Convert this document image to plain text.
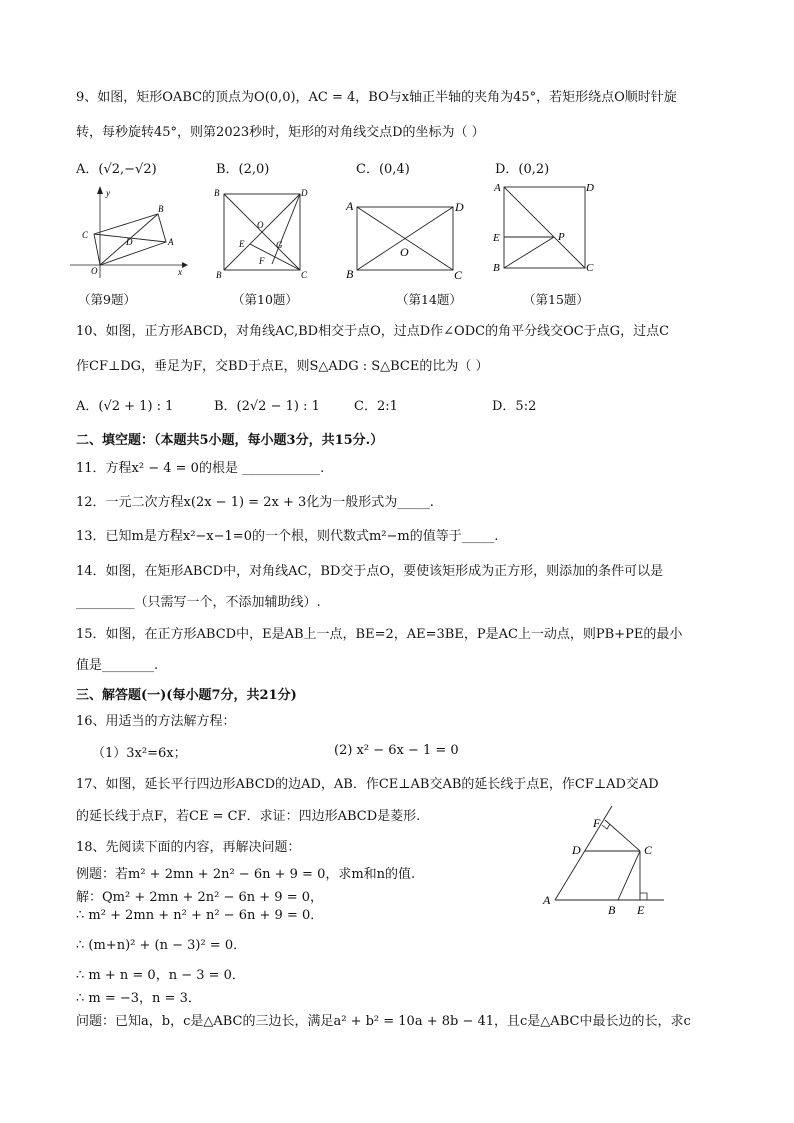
9、如图，矩形OABC的顶点为O(0,0)，AC = 4，BO与x轴正半轴的夹角为45°，若矩形绕点O顺时针旋
转，每秒旋转45°，则第2023秒时，矩形的对角线交点D的坐标为（ ）
A．(√2,−√2)	B．(2,0)	C．(0,4)	D．(0,2)
y
B
C
D	A
O	x
B	D
O
E	G
F
B	C
A	D
O
B	C
A	D
E	P
B	C
（第9题）	（第10题）	（第14题）	（第15题）
10、如图，正方形ABCD，对角线AC,BD相交于点O，过点D作∠ODC的角平分线交OC于点G，过点C
作CF⊥DG，垂足为F，交BD于点E，则S△ADG : S△BCE的比为（ ）
A．(√2 + 1) : 1	B．(2√2 − 1) : 1	C．2:1	D．5:2
二、填空题：（本题共5小题，每小题3分，共15分.）
11．方程x² − 4 = 0的根是 ____________.
12．一元二次方程x(2x − 1) = 2x + 3化为一般形式为_____.
13．已知m是方程x²−x−1=0的一个根，则代数式m²−m的值等于_____.
14．如图，在矩形ABCD中，对角线AC，BD交于点O，要使该矩形成为正方形，则添加的条件可以是
_________（只需写一个，不添加辅助线）.
15．如图，在正方形ABCD中，E是AB上一点，BE=2，AE=3BE，P是AC上一动点，则PB+PE的最小
值是________.
三、解答题(一)(每小题7分，共21分)
16、用适当的方法解方程：
（1）3x²=6x；	(2) x² − 6x − 1 = 0
17、如图，延长平行四边形ABCD的边AD，AB．作CE⊥AB交AB的延长线于点E，作CF⊥AD交AD
的延长线于点F，若CE = CF．求证：四边形ABCD是菱形.	F
D	C
A
B E
18、先阅读下面的内容，再解决问题：
例题：若m² + 2mn + 2n² − 6n + 9 = 0，求m和n的值.
解：Qm² + 2mn + 2n² − 6n + 9 = 0，
∴ m² + 2mn + n² + n² − 6n + 9 = 0．
∴ (m+n)² + (n − 3)² = 0．
∴ m + n = 0，n − 3 = 0．
∴ m = −3，n = 3．
问题：已知a，b，c是△ABC的三边长，满足a² + b² = 10a + 8b − 41，且c是△ABC中最长边的长，求c
